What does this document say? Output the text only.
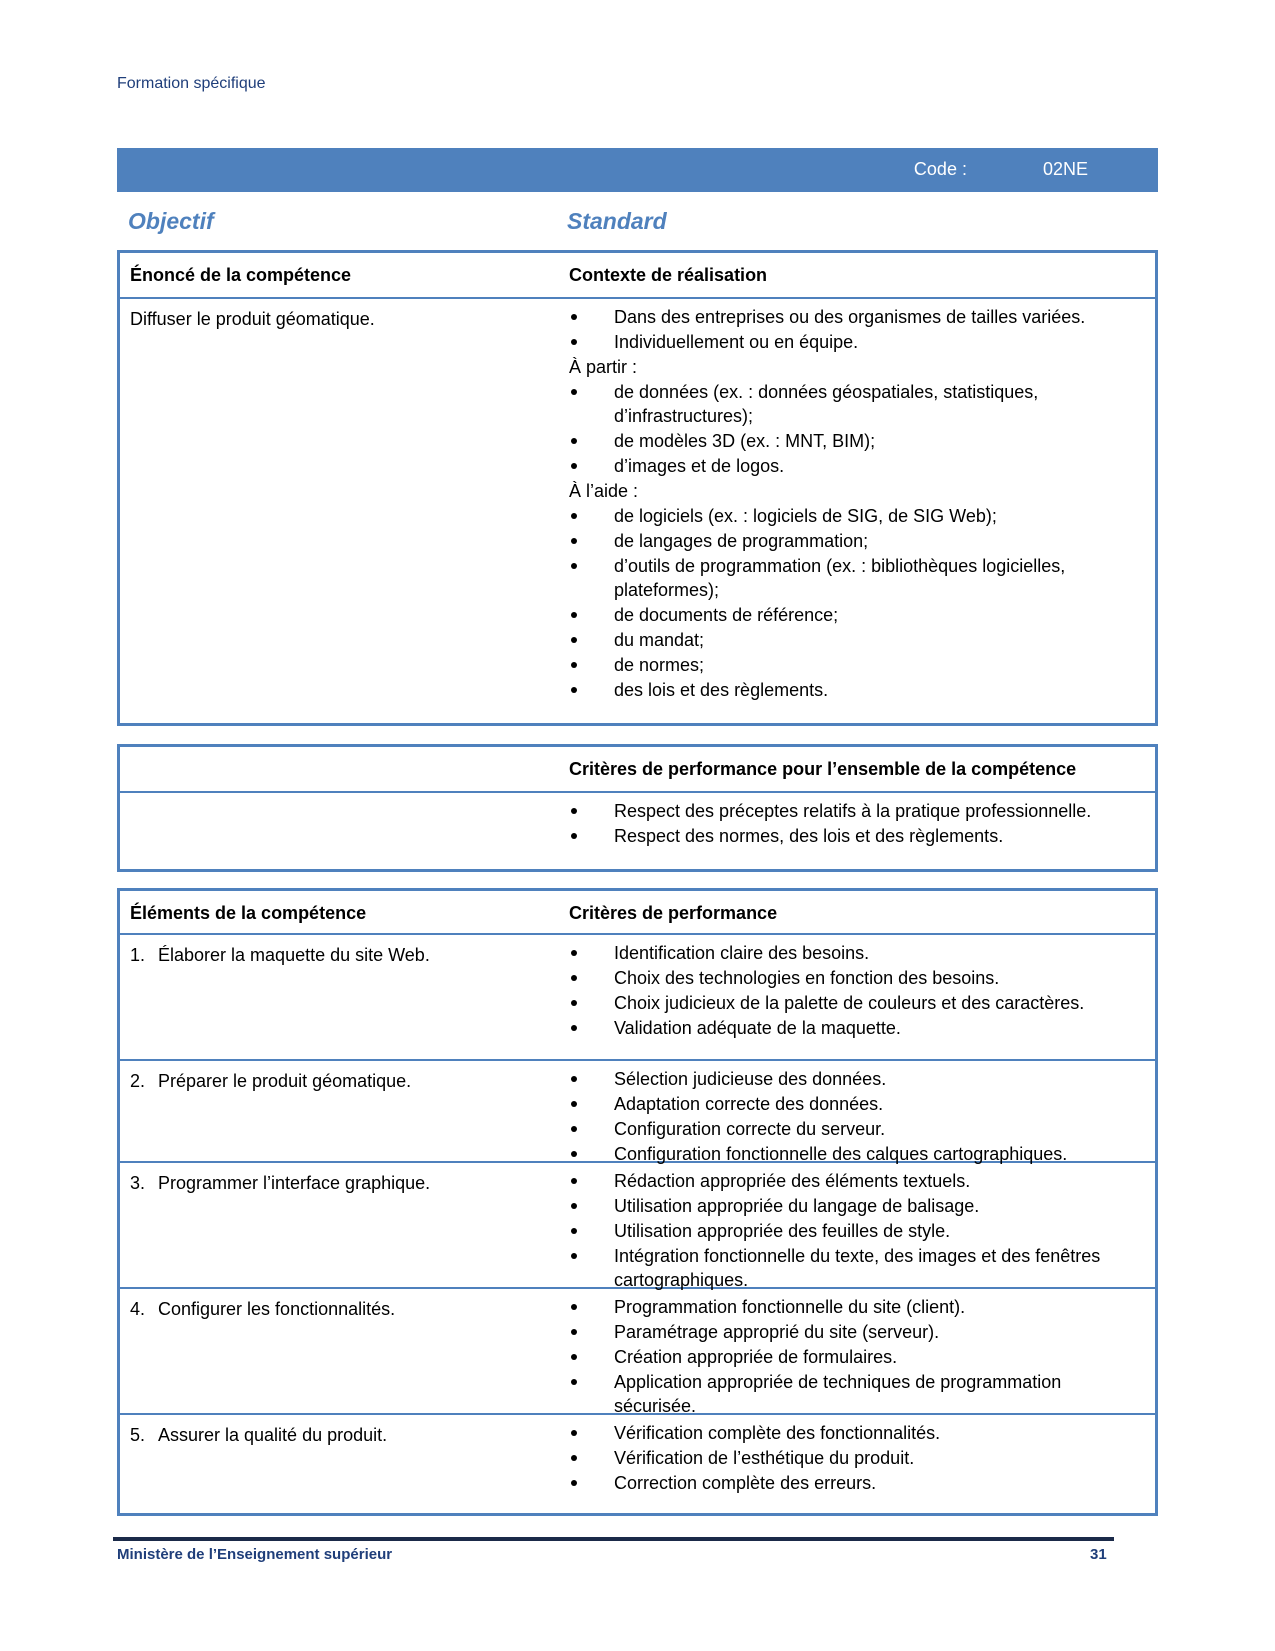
Formation spécifique
Code :	02NE
Objectif	Standard
Énoncé de la compétence	Contexte de réalisation
Diffuser le produit géomatique.	Dans des entreprises ou des organismes de tailles variées.
Individuellement ou en équipe.
À partir :
de données (ex. : données géospatiales, statistiques, d’infrastructures);
de modèles 3D (ex. : MNT, BIM);
d’images et de logos.
À l’aide :
de logiciels (ex. : logiciels de SIG, de SIG Web);
de langages de programmation;
d’outils de programmation (ex. : bibliothèques logicielles, plateformes);
de documents de référence;
du mandat;
de normes;
des lois et des règlements.
Critères de performance pour l’ensemble de la compétence
Respect des préceptes relatifs à la pratique professionnelle.
Respect des normes, des lois et des règlements.
Éléments de la compétence	Critères de performance
1. Élaborer la maquette du site Web.	Identification claire des besoins.
Choix des technologies en fonction des besoins.
Choix judicieux de la palette de couleurs et des caractères.
Validation adéquate de la maquette.
2. Préparer le produit géomatique.	Sélection judicieuse des données.
Adaptation correcte des données.
Configuration correcte du serveur.
Configuration fonctionnelle des calques cartographiques.
3. Programmer l’interface graphique.	Rédaction appropriée des éléments textuels.
Utilisation appropriée du langage de balisage.
Utilisation appropriée des feuilles de style.
Intégration fonctionnelle du texte, des images et des fenêtres cartographiques.
4. Configurer les fonctionnalités.	Programmation fonctionnelle du site (client).
Paramétrage approprié du site (serveur).
Création appropriée de formulaires.
Application appropriée de techniques de programmation sécurisée.
5. Assurer la qualité du produit.	Vérification complète des fonctionnalités.
Vérification de l’esthétique du produit.
Correction complète des erreurs.
Ministère de l’Enseignement supérieur	31
